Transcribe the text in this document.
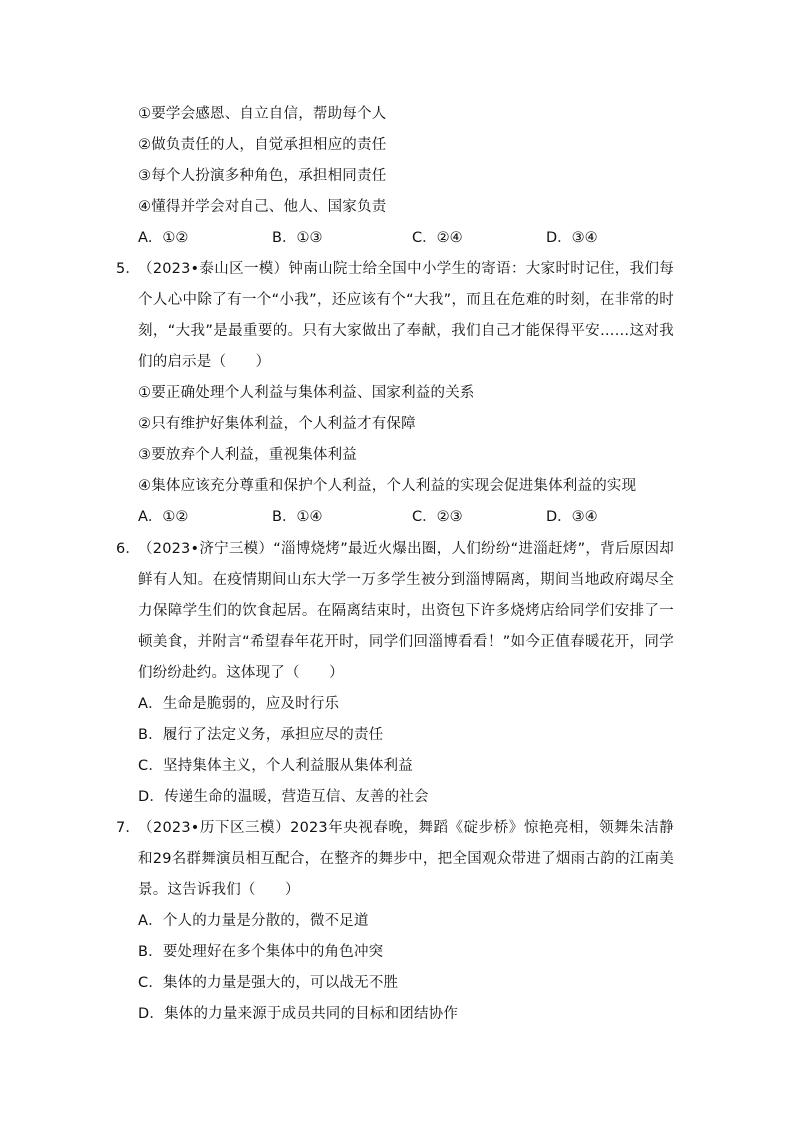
①要学会感恩、自立自信，帮助每个人
②做负责任的人，自觉承担相应的责任
③每个人扮演多种角色，承担相同责任
④懂得并学会对自己、他人、国家负责
A．①②	B．①③	C．②④	D．③④
5．
（2023•泰山区一模）钟南山院士给全国中小学生的寄语：大家时时记住，我们每个人心中除了有一个“小我”，还应该有个“大我”，而且在危难的时刻，在非常的时刻，“大我”是最重要的。只有大家做出了奉献，我们自己才能保得平安……这对我们的启示是（　　）
①要正确处理个人利益与集体利益、国家利益的关系
②只有维护好集体利益，个人利益才有保障
③要放弃个人利益，重视集体利益
④集体应该充分尊重和保护个人利益，个人利益的实现会促进集体利益的实现
A．①②	B．①④	C．②③	D．③④
6．
（2023•济宁三模）“淄博烧烤”最近火爆出圈，人们纷纷“进淄赶烤”，背后原因却鲜有人知。在疫情期间山东大学一万多学生被分到淄博隔离，期间当地政府竭尽全力保障学生们的饮食起居。在隔离结束时，出资包下许多烧烤店给同学们安排了一顿美食，并附言“希望春年花开时，同学们回淄博看看！”如今正值春暖花开，同学们纷纷赴约。这体现了（　　）
A．生命是脆弱的，应及时行乐
B．履行了法定义务，承担应尽的责任
C．坚持集体主义，个人利益服从集体利益
D．传递生命的温暖，营造互信、友善的社会
7．
（2023•历下区三模）2023年央视春晚，舞蹈《碇步桥》惊艳亮相，领舞朱洁静和29名群舞演员相互配合，在整齐的舞步中，把全国观众带进了烟雨古韵的江南美景。这告诉我们（　　）
A．个人的力量是分散的，微不足道
B．要处理好在多个集体中的角色冲突
C．集体的力量是强大的，可以战无不胜
D．集体的力量来源于成员共同的目标和团结协作
